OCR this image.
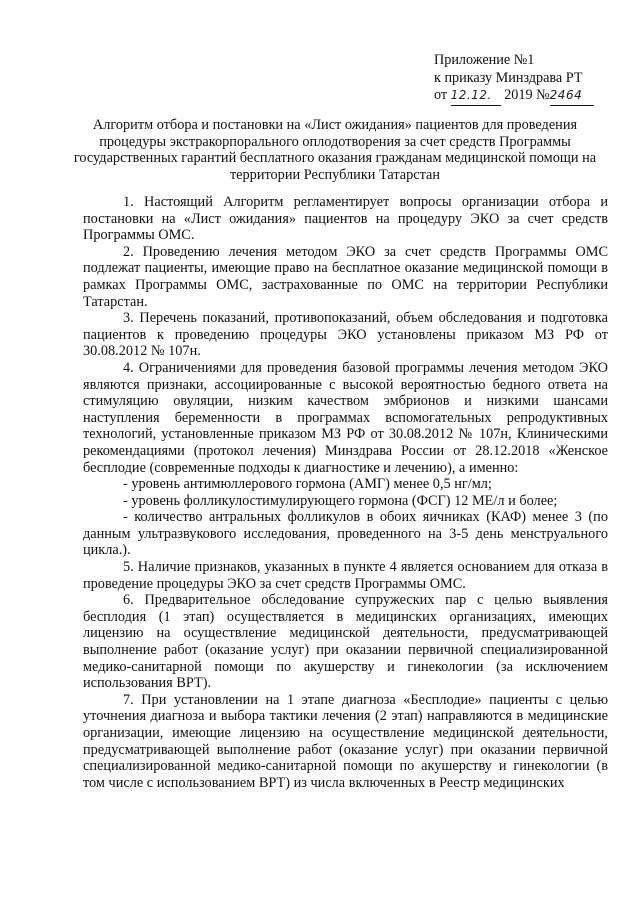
Приложение №1
к приказу Минздрава РТ
от 12.12. 2019 №2464
Алгоритм отбора и постановки на «Лист ожидания» пациентов для проведения процедуры экстракорпорального оплодотворения за счет средств Программы государственных гарантий бесплатного оказания гражданам медицинской помощи на территории Республики Татарстан

1. Настоящий Алгоритм регламентирует вопросы организации отбора и постановки на «Лист ожидания» пациентов на процедуру ЭКО за счет средств Программы ОМС.

2. Проведению лечения методом ЭКО за счет средств Программы ОМС подлежат пациенты, имеющие право на бесплатное оказание медицинской помощи в рамках Программы ОМС, застрахованные по ОМС на территории Республики Татарстан.

3. Перечень показаний, противопоказаний, объем обследования и подготовка пациентов к проведению процедуры ЭКО установлены приказом МЗ РФ от 30.08.2012 № 107н.

4. Ограничениями для проведения базовой программы лечения методом ЭКО являются признаки, ассоциированные с высокой вероятностью бедного ответа на стимуляцию овуляции, низким качеством эмбрионов и низкими шансами наступления беременности в программах вспомогательных репродуктивных технологий, установленные приказом МЗ РФ от 30.08.2012 № 107н, Клиническими рекомендациями (протокол лечения) Минздрава России от 28.12.2018 «Женское бесплодие (современные подходы к диагностике и лечению), а именно:

- уровень антимюллерового гормона (АМГ) менее 0,5 нг/мл;

- уровень фолликулостимулирующего гормона (ФСГ) 12 МЕ/л и более;

- количество антральных фолликулов в обоих яичниках (КАФ) менее 3 (по данным ультразвукового исследования, проведенного на 3-5 день менструального цикла.).

5. Наличие признаков, указанных в пункте 4 является основанием для отказа в проведение процедуры ЭКО за счет средств Программы ОМС.

6. Предварительное обследование супружеских пар с целью выявления бесплодия (1 этап) осуществляется в медицинских организациях, имеющих лицензию на осуществление медицинской деятельности, предусматривающей выполнение работ (оказание услуг) при оказании первичной специализированной медико-санитарной помощи по акушерству и гинекологии (за исключением использования ВРТ).

7. При установлении на 1 этапе диагноза «Бесплодие» пациенты с целью уточнения диагноза и выбора тактики лечения (2 этап) направляются в медицинские организации, имеющие лицензию на осуществление медицинской деятельности, предусматривающей выполнение работ (оказание услуг) при оказании первичной специализированной медико-санитарной помощи по акушерству и гинекологии (в том числе с использованием ВРТ) из числа включенных в Реестр медицинских
